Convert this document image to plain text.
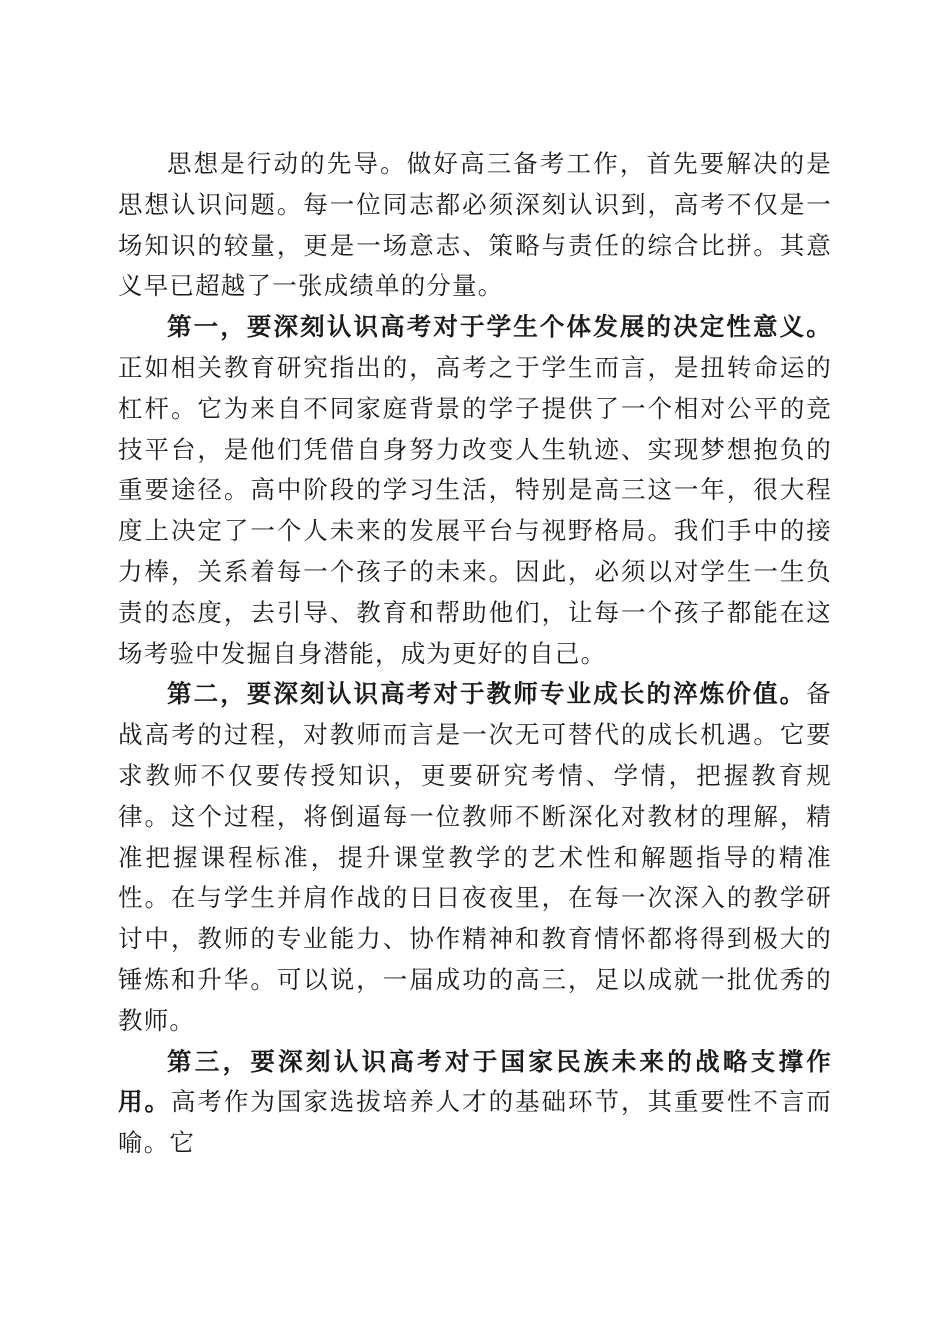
思想是行动的先导。做好高三备考工作，首先要解决的是思想认识问题。每一位同志都必须深刻认识到，高考不仅是一场知识的较量，更是一场意志、策略与责任的综合比拼。其意义早已超越了一张成绩单的分量。

第一，要深刻认识高考对于学生个体发展的决定性意义。正如相关教育研究指出的，高考之于学生而言，是扭转命运的杠杆。它为来自不同家庭背景的学子提供了一个相对公平的竞技平台，是他们凭借自身努力改变人生轨迹、实现梦想抱负的重要途径。高中阶段的学习生活，特别是高三这一年，很大程度上决定了一个人未来的发展平台与视野格局。我们手中的接力棒，关系着每一个孩子的未来。因此，必须以对学生一生负责的态度，去引导、教育和帮助他们，让每一个孩子都能在这场考验中发掘自身潜能，成为更好的自己。

第二，要深刻认识高考对于教师专业成长的淬炼价值。备战高考的过程，对教师而言是一次无可替代的成长机遇。它要求教师不仅要传授知识，更要研究考情、学情，把握教育规律。这个过程，将倒逼每一位教师不断深化对教材的理解，精准把握课程标准，提升课堂教学的艺术性和解题指导的精准性。在与学生并肩作战的日日夜夜里，在每一次深入的教学研讨中，教师的专业能力、协作精神和教育情怀都将得到极大的锤炼和升华。可以说，一届成功的高三，足以成就一批优秀的教师。

第三，要深刻认识高考对于国家民族未来的战略支撑作用。高考作为国家选拔培养人才的基础环节，其重要性不言而喻。它
